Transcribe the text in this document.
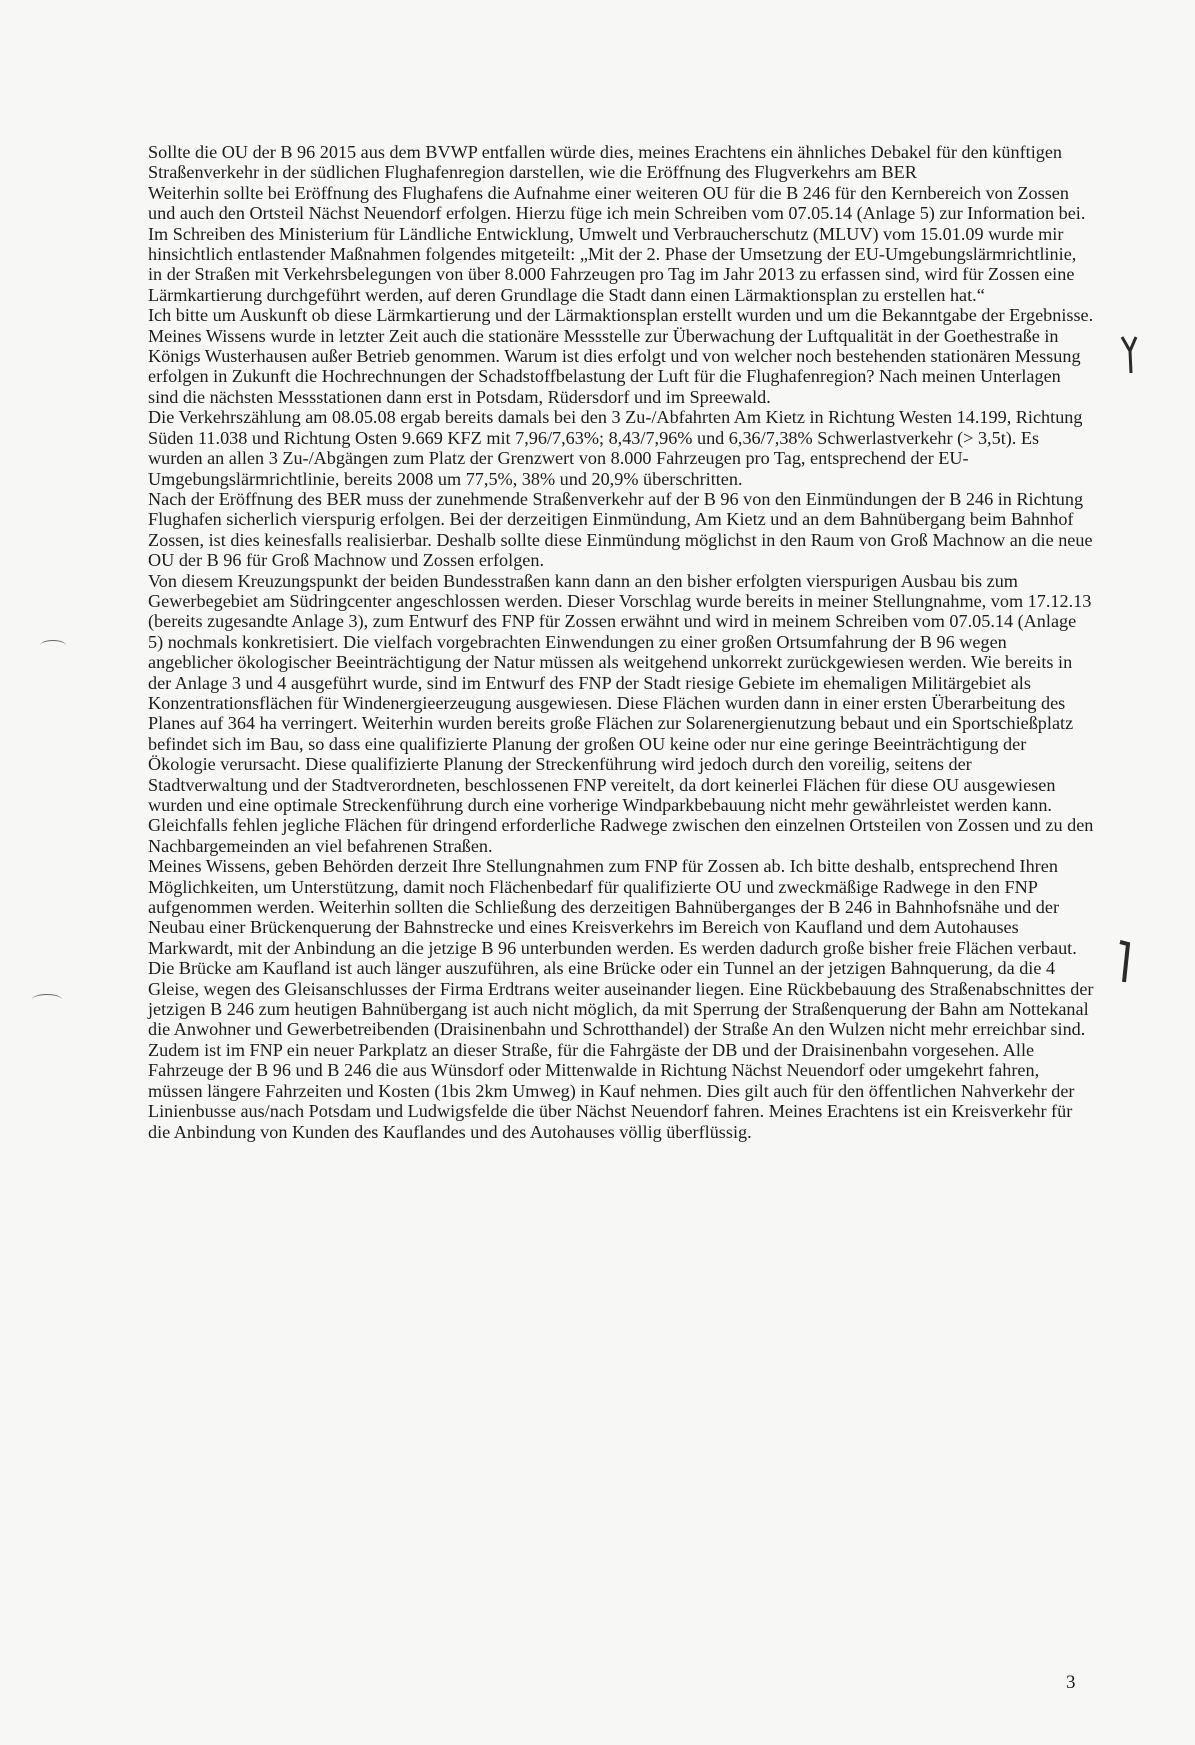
Sollte die OU der B 96 2015 aus dem BVWP entfallen würde dies, meines Erachtens ein ähnliches Debakel für den künftigen Straßenverkehr in der südlichen Flughafenregion darstellen, wie die Eröffnung des Flugverkehrs am BER

Weiterhin sollte bei Eröffnung des Flughafens die Aufnahme einer weiteren OU für die B 246 für den Kernbereich von Zossen und auch den Ortsteil Nächst Neuendorf erfolgen. Hierzu füge ich mein Schreiben vom 07.05.14 (Anlage 5) zur Information bei.

Im Schreiben des Ministerium für Ländliche Entwicklung, Umwelt und Verbraucherschutz (MLUV) vom 15.01.09 wurde mir hinsichtlich entlastender Maßnahmen folgendes mitgeteilt: „Mit der 2. Phase der Umsetzung der EU-Umgebungslärmrichtlinie, in der Straßen mit Verkehrsbelegungen von über 8.000 Fahrzeugen pro Tag im Jahr 2013 zu erfassen sind, wird für Zossen eine Lärmkartierung durchgeführt werden, auf deren Grundlage die Stadt dann einen Lärmaktionsplan zu erstellen hat.“

Ich bitte um Auskunft ob diese Lärmkartierung und der Lärmaktionsplan erstellt wurden und um die Bekanntgabe der Ergebnisse. Meines Wissens wurde in letzter Zeit auch die stationäre Messstelle zur Überwachung der Luftqualität in der Goethestraße in Königs Wusterhausen außer Betrieb genommen. Warum ist dies erfolgt und von welcher noch bestehenden stationären Messung erfolgen in Zukunft die Hochrechnungen der Schadstoffbelastung der Luft für die Flughafenregion? Nach meinen Unterlagen sind die nächsten Messstationen dann erst in Potsdam, Rüdersdorf und im Spreewald.

Die Verkehrszählung am 08.05.08 ergab bereits damals bei den 3 Zu-/Abfahrten Am Kietz in Richtung Westen 14.199, Richtung Süden 11.038 und Richtung Osten 9.669 KFZ mit 7,96/7,63%; 8,43/7,96% und 6,36/7,38% Schwerlastverkehr (> 3,5t). Es wurden an allen 3 Zu-/Abgängen zum Platz der Grenzwert von 8.000 Fahrzeugen pro Tag, entsprechend der EU-Umgebungslärmrichtlinie, bereits 2008 um 77,5%, 38% und 20,9% überschritten.

Nach der Eröffnung des BER muss der zunehmende Straßenverkehr auf der B 96 von den Einmündungen der B 246 in Richtung Flughafen sicherlich vierspurig erfolgen. Bei der derzeitigen Einmündung, Am Kietz und an dem Bahnübergang beim Bahnhof Zossen, ist dies keinesfalls realisierbar. Deshalb sollte diese Einmündung möglichst in den Raum von Groß Machnow an die neue OU der B 96 für Groß Machnow und Zossen erfolgen.

Von diesem Kreuzungspunkt der beiden Bundesstraßen kann dann an den bisher erfolgten vierspurigen Ausbau bis zum Gewerbegebiet am Südringcenter angeschlossen werden. Dieser Vorschlag wurde bereits in meiner Stellungnahme, vom 17.12.13 (bereits zugesandte Anlage 3), zum Entwurf des FNP für Zossen erwähnt und wird in meinem Schreiben vom 07.05.14 (Anlage 5) nochmals konkretisiert. Die vielfach vorgebrachten Einwendungen zu einer großen Ortsumfahrung der B 96 wegen angeblicher ökologischer Beeinträchtigung der Natur müssen als weitgehend unkorrekt zurückgewiesen werden. Wie bereits in der Anlage 3 und 4 ausgeführt wurde, sind im Entwurf des FNP der Stadt riesige Gebiete im ehemaligen Militärgebiet als Konzentrationsflächen für Windenergieerzeugung ausgewiesen. Diese Flächen wurden dann in einer ersten Überarbeitung des Planes auf 364 ha verringert. Weiterhin wurden bereits große Flächen zur Solarenergienutzung bebaut und ein Sportschießplatz befindet sich im Bau, so dass eine qualifizierte Planung der großen OU keine oder nur eine geringe Beeinträchtigung der Ökologie verursacht. Diese qualifizierte Planung der Streckenführung wird jedoch durch den voreilig, seitens der Stadtverwaltung und der Stadtverordneten, beschlossenen FNP vereitelt, da dort keinerlei Flächen für diese OU ausgewiesen wurden und eine optimale Streckenführung durch eine vorherige Windparkbebauung nicht mehr gewährleistet werden kann. Gleichfalls fehlen jegliche Flächen für dringend erforderliche Radwege zwischen den einzelnen Ortsteilen von Zossen und zu den Nachbargemeinden an viel befahrenen Straßen.

Meines Wissens, geben Behörden derzeit Ihre Stellungnahmen zum FNP für Zossen ab. Ich bitte deshalb, entsprechend Ihren Möglichkeiten, um Unterstützung, damit noch Flächenbedarf für qualifizierte OU und zweckmäßige Radwege in den FNP aufgenommen werden. Weiterhin sollten die Schließung des derzeitigen Bahnüberganges der B 246 in Bahnhofsnähe und der Neubau einer Brückenquerung der Bahnstrecke und eines Kreisverkehrs im Bereich von Kaufland und dem Autohauses Markwardt, mit der Anbindung an die jetzige B 96 unterbunden werden. Es werden dadurch große bisher freie Flächen verbaut. Die Brücke am Kaufland ist auch länger auszuführen, als eine Brücke oder ein Tunnel an der jetzigen Bahnquerung, da die 4 Gleise, wegen des Gleisanschlusses der Firma Erdtrans weiter auseinander liegen. Eine Rückbebauung des Straßenabschnittes der jetzigen B 246 zum heutigen Bahnübergang ist auch nicht möglich, da mit Sperrung der Straßenquerung der Bahn am Nottekanal die Anwohner und Gewerbetreibenden (Draisinenbahn und Schrotthandel) der Straße An den Wulzen nicht mehr erreichbar sind. Zudem ist im FNP ein neuer Parkplatz an dieser Straße, für die Fahrgäste der DB und der Draisinenbahn vorgesehen. Alle Fahrzeuge der B 96 und B 246 die aus Wünsdorf oder Mittenwalde in Richtung Nächst Neuendorf oder umgekehrt fahren, müssen längere Fahrzeiten und Kosten (1bis 2km Umweg) in Kauf nehmen. Dies gilt auch für den öffentlichen Nahverkehr der Linienbusse aus/nach Potsdam und Ludwigsfelde die über Nächst Neuendorf fahren. Meines Erachtens ist ein Kreisverkehr für die Anbindung von Kunden des Kauflandes und des Autohauses völlig überflüssig.

3
